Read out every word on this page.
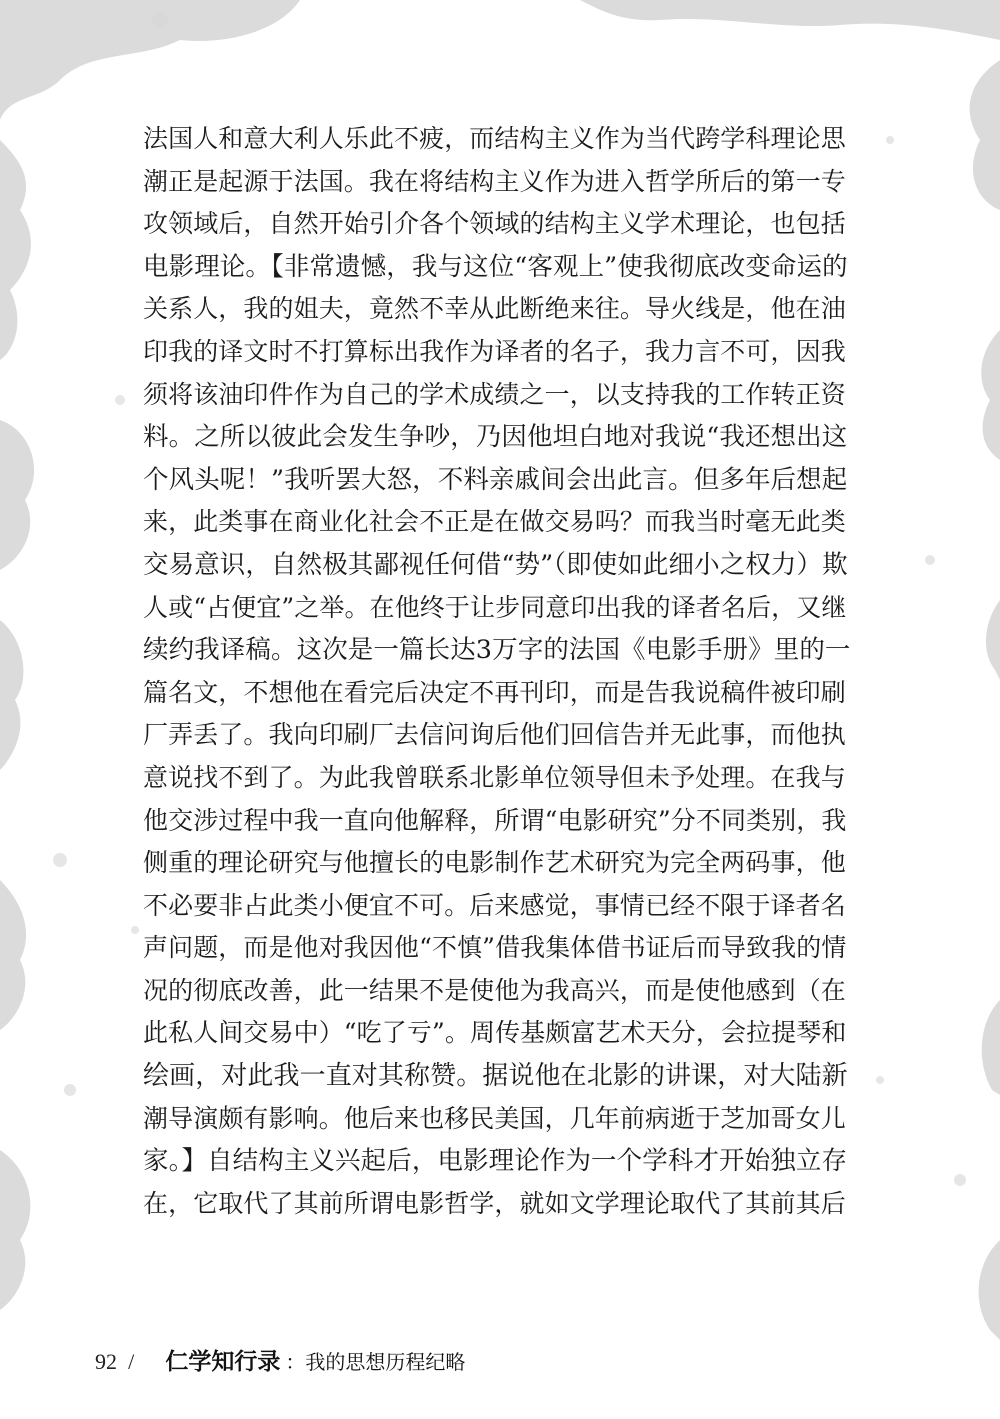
法国人和意大利人乐此不疲，而结构主义作为当代跨学科理论思
潮正是起源于法国。我在将结构主义作为进入哲学所后的第一专
攻领域后，自然开始引介各个领域的结构主义学术理论，也包括
电影理论。【非常遗憾，我与这位“客观上”使我彻底改变命运的
关系人，我的姐夫，竟然不幸从此断绝来往。导火线是，他在油
印我的译文时不打算标出我作为译者的名子，我力言不可，因我
须将该油印件作为自己的学术成绩之一，以支持我的工作转正资
料。之所以彼此会发生争吵，乃因他坦白地对我说“我还想出这
个风头呢！”我听罢大怒，不料亲戚间会出此言。但多年后想起
来，此类事在商业化社会不正是在做交易吗？而我当时毫无此类
交易意识，自然极其鄙视任何借“势”（即使如此细小之权力）欺
人或“占便宜”之举。在他终于让步同意印出我的译者名后，又继
续约我译稿。这次是一篇长达3万字的法国《电影手册》里的一
篇名文，不想他在看完后决定不再刊印，而是告我说稿件被印刷
厂弄丢了。我向印刷厂去信问询后他们回信告并无此事，而他执
意说找不到了。为此我曾联系北影单位领导但未予处理。在我与
他交涉过程中我一直向他解释，所谓“电影研究”分不同类别，我
侧重的理论研究与他擅长的电影制作艺术研究为完全两码事，他
不必要非占此类小便宜不可。后来感觉，事情已经不限于译者名
声问题，而是他对我因他“不慎”借我集体借书证后而导致我的情
况的彻底改善，此一结果不是使他为我高兴，而是使他感到（在
此私人间交易中）“吃了亏”。周传基颇富艺术天分，会拉提琴和
绘画，对此我一直对其称赞。据说他在北影的讲课，对大陆新
潮导演颇有影响。他后来也移民美国，几年前病逝于芝加哥女儿
家。】自结构主义兴起后，电影理论作为一个学科才开始独立存
在，它取代了其前所谓电影哲学，就如文学理论取代了其前其后
92 / 仁学知行录 ：我的思想历程纪略
